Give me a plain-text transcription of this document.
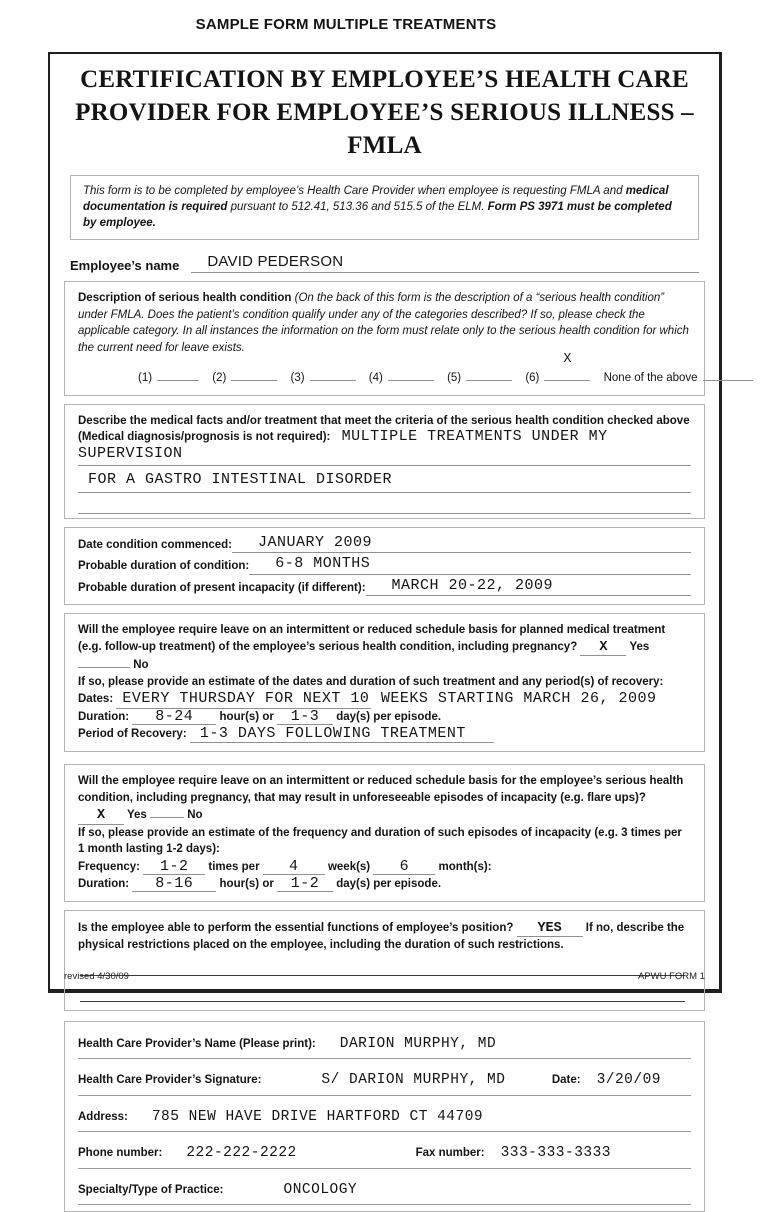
SAMPLE FORM MULTIPLE TREATMENTS
CERTIFICATION BY EMPLOYEE’S HEALTH CARE
PROVIDER FOR EMPLOYEE’S SERIOUS ILLNESS – FMLA
This form is to be completed by employee’s Health Care Provider when employee is requesting FMLA and medical documentation is required pursuant to 512.41, 513.36 and 515.5 of the ELM. Form PS 3971 must be completed by employee.
Employee’s name	DAVID PEDERSON
Description of serious health condition (On the back of this form is the description of a “serious health condition” under FMLA. Does the patient’s condition qualify under any of the categories described? If so, please check the applicable category. In all instances the information on the form must relate only to the serious health condition for which the current need for leave exists.
(1)	(2)	(3)	(4)	(5)	(6)
X
None of the above
Describe the medical facts and/or treatment that meet the criteria of the serious health condition checked above (Medical diagnosis/prognosis is not required): MULTIPLE TREATMENTS UNDER MY SUPERVISION
FOR A GASTRO INTESTINAL DISORDER
Date condition commenced:	JANUARY 2009
Probable duration of condition:	6-8 MONTHS
Probable duration of present incapacity (if different):	MARCH 20-22, 2009
Will the employee require leave on an intermittent or reduced schedule basis for planned medical treatment (e.g. follow-up treatment) of the employee’s serious health condition, including pregnancy? X Yes  No
If so, please provide an estimate of the dates and duration of such treatment and any period(s) of recovery:
Dates: EVERY THURSDAY FOR NEXT 10 WEEKS STARTING MARCH 26, 2009
Duration: 8-24 hour(s) or 1-3 day(s) per episode.
Period of Recovery: 1-3 DAYS FOLLOWING TREATMENT
Will the employee require leave on an intermittent or reduced schedule basis for the employee’s serious health condition, including pregnancy, that may result in unforeseeable episodes of incapacity (e.g. flare ups)? X Yes	No
If so, please provide an estimate of the frequency and duration of such episodes of incapacity (e.g. 3 times per 1 month lasting 1-2 days):
Frequency: 1-2 times per 4	week(s) 6	month(s):
Duration: 8-16 hour(s) or 1-2 day(s) per episode.
Is the employee able to perform the essential functions of employee’s position? YES If no, describe the physical restrictions placed on the employee, including the duration of such restrictions.
Health Care Provider’s Name (Please print): DARION MURPHY, MD
Health Care Provider’s Signature:	S/ DARION MURPHY, MD	Date: 3/20/09
Address: 785 NEW HAVE DRIVE HARTFORD CT 44709
Phone number: 222-222-2222	Fax number: 333-333-3333
Specialty/Type of Practice:	ONCOLOGY
revised 4/30/09	APWU FORM 1
